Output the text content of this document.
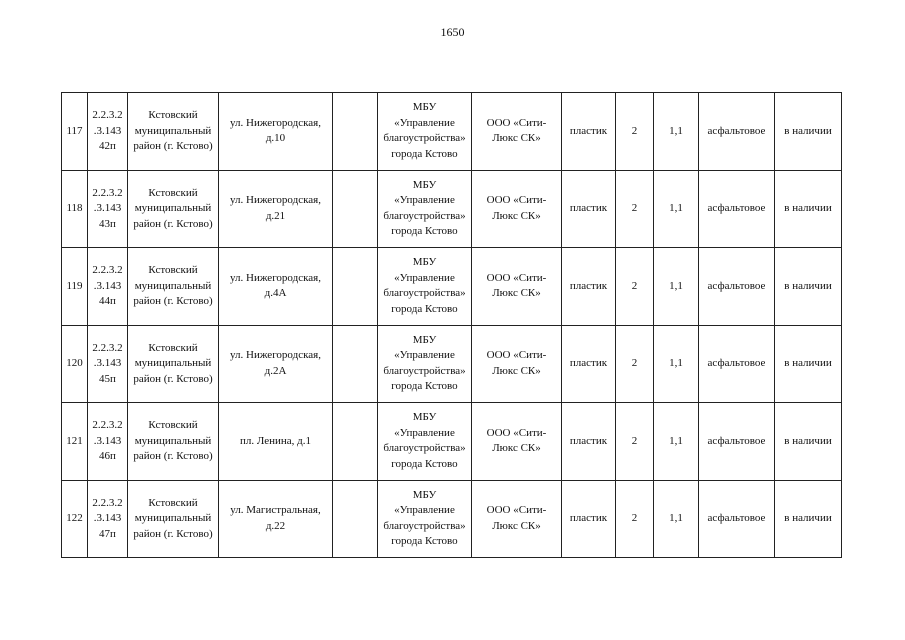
1650
117	2.2.3.2
.3.143
42п	Кстовский
муниципальный
район (г. Кстово)	ул. Нижегородская,
д.10		МБУ
«Управление
благоустройства»
города Кстово	ООО «Сити-
Люкс СК»	пластик	2	1,1	асфальтовое	в наличии
118	2.2.3.2
.3.143
43п	Кстовский
муниципальный
район (г. Кстово)	ул. Нижегородская,
д.21		МБУ
«Управление
благоустройства»
города Кстово	ООО «Сити-
Люкс СК»	пластик	2	1,1	асфальтовое	в наличии
119	2.2.3.2
.3.143
44п	Кстовский
муниципальный
район (г. Кстово)	ул. Нижегородская,
д.4А		МБУ
«Управление
благоустройства»
города Кстово	ООО «Сити-
Люкс СК»	пластик	2	1,1	асфальтовое	в наличии
120	2.2.3.2
.3.143
45п	Кстовский
муниципальный
район (г. Кстово)	ул. Нижегородская,
д.2А		МБУ
«Управление
благоустройства»
города Кстово	ООО «Сити-
Люкс СК»	пластик	2	1,1	асфальтовое	в наличии
121	2.2.3.2
.3.143
46п	Кстовский
муниципальный
район (г. Кстово)	пл. Ленина, д.1		МБУ
«Управление
благоустройства»
города Кстово	ООО «Сити-
Люкс СК»	пластик	2	1,1	асфальтовое	в наличии
122	2.2.3.2
.3.143
47п	Кстовский
муниципальный
район (г. Кстово)	ул. Магистральная,
д.22		МБУ
«Управление
благоустройства»
города Кстово	ООО «Сити-
Люкс СК»	пластик	2	1,1	асфальтовое	в наличии
